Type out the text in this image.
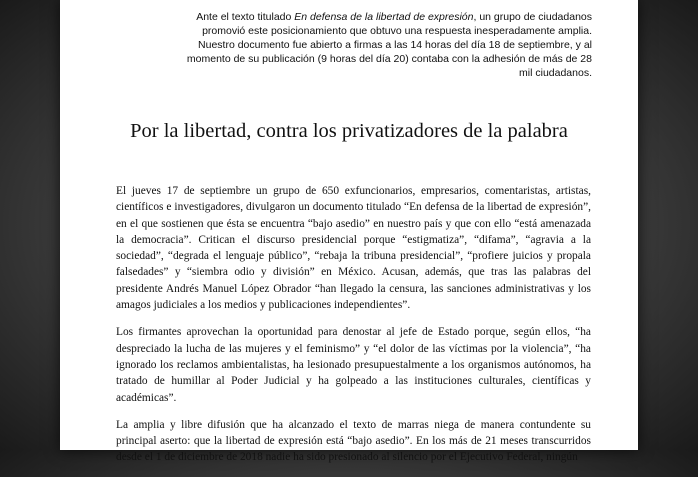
Ante el texto titulado En defensa de la libertad de expresión, un grupo de ciudadanos promovió este posicionamiento que obtuvo una respuesta inesperadamente amplia. Nuestro documento fue abierto a firmas a las 14 horas del día 18 de septiembre, y al momento de su publicación (9 horas del día 20) contaba con la adhesión de más de 28 mil ciudadanos.
Por la libertad, contra los privatizadores de la palabra

El jueves 17 de septiembre un grupo de 650 exfuncionarios, empresarios, comentaristas, artistas, científicos e investigadores, divulgaron un documento titulado “En defensa de la libertad de expresión”, en el que sostienen que ésta se encuentra “bajo asedio” en nuestro país y que con ello “está amenazada la democracia”. Critican el discurso presidencial porque “estigmatiza”, “difama”, “agravia a la sociedad”, “degrada el lenguaje público”, “rebaja la tribuna presidencial”, “profiere juicios y propala falsedades” y “siembra odio y división” en México. Acusan, además, que tras las palabras del presidente Andrés Manuel López Obrador “han llegado la censura, las sanciones administrativas y los amagos judiciales a los medios y publicaciones independientes”.

Los firmantes aprovechan la oportunidad para denostar al jefe de Estado porque, según ellos, “ha despreciado la lucha de las mujeres y el feminismo” y “el dolor de las víctimas por la violencia”, “ha ignorado los reclamos ambientalistas, ha lesionado presupuestalmente a los organismos autónomos, ha tratado de humillar al Poder Judicial y ha golpeado a las instituciones culturales, científicas y académicas”.

La amplia y libre difusión que ha alcanzado el texto de marras niega de manera contundente su principal aserto: que la libertad de expresión está “bajo asedio”. En los más de 21 meses transcurridos desde el 1 de diciembre de 2018 nadie ha sido presionado al silencio por el Ejecutivo Federal, ningún
